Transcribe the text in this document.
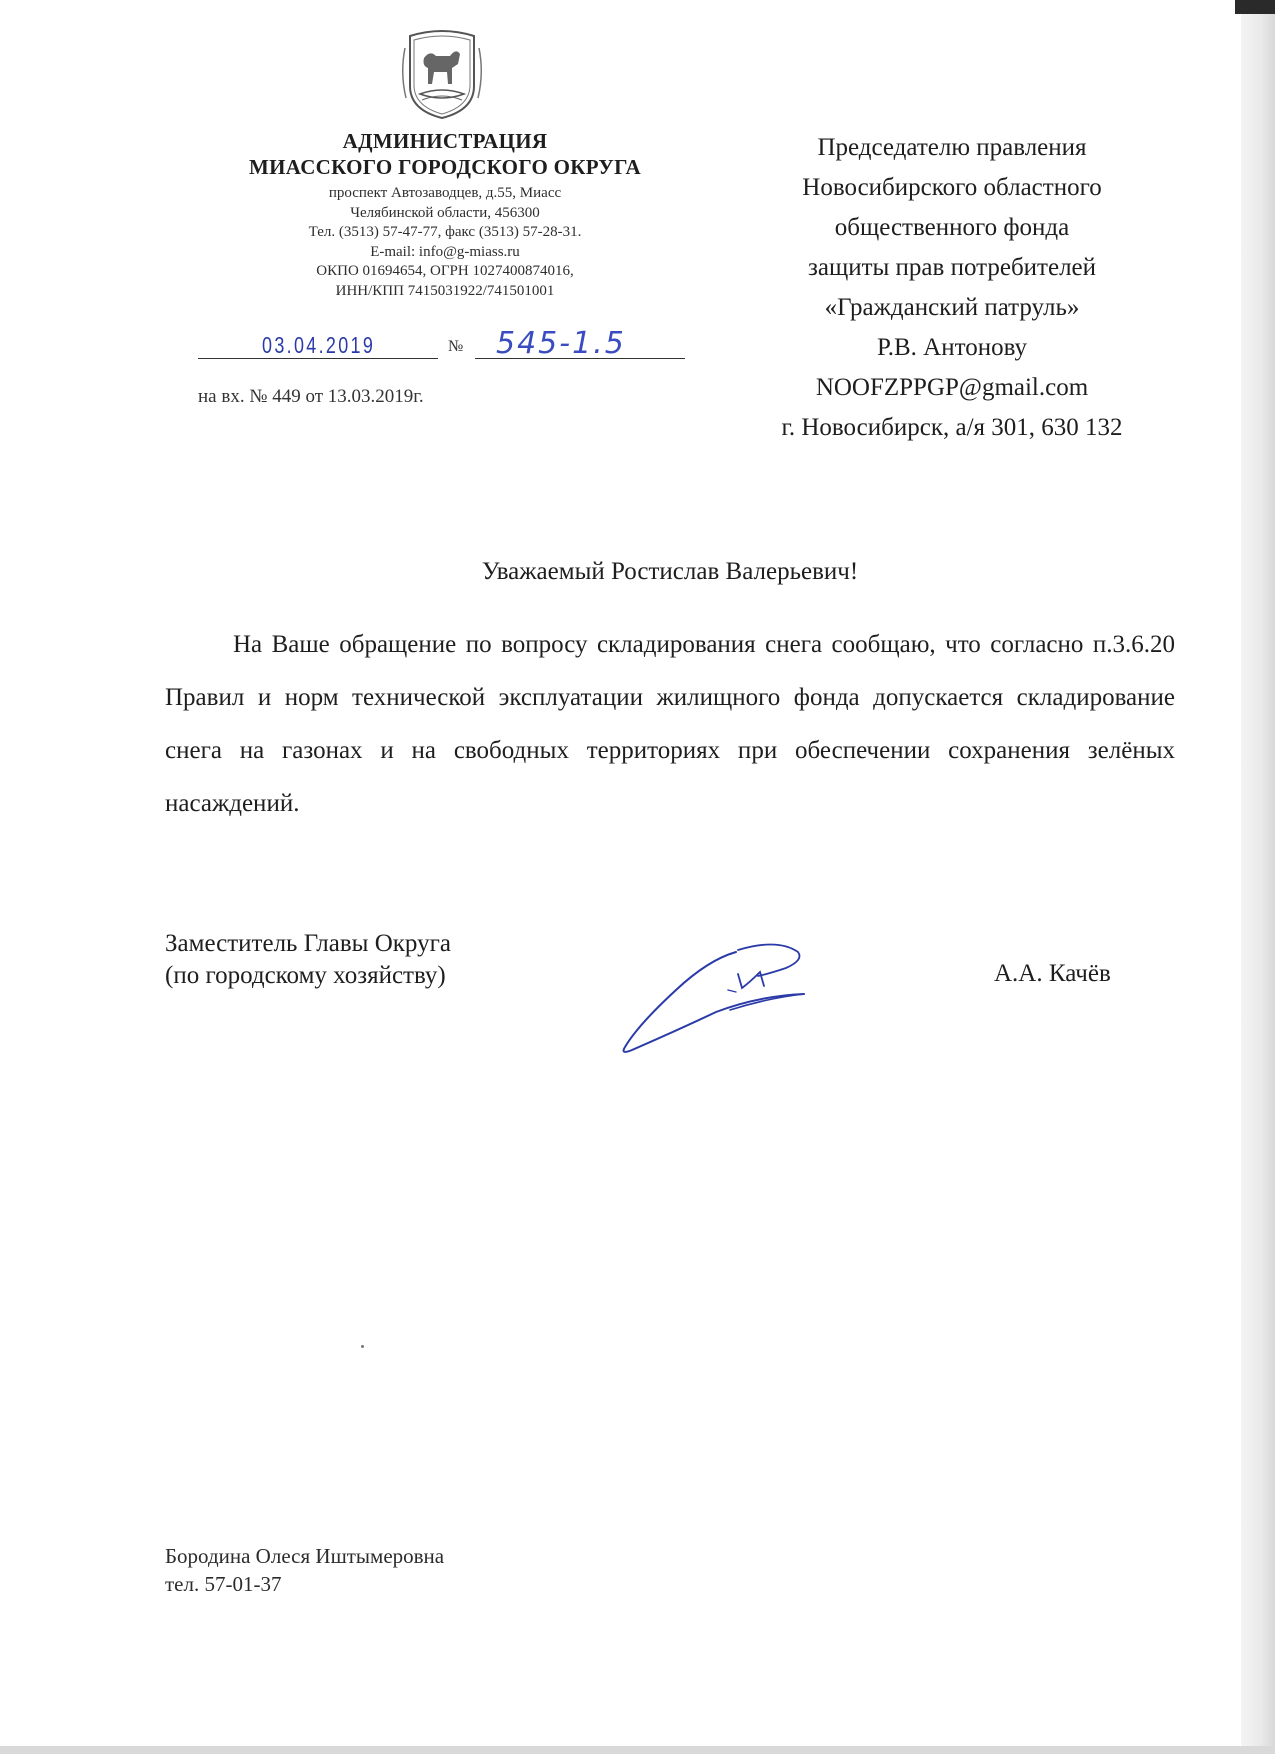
АДМИНИСТРАЦИЯ
МИАССКОГО ГОРОДСКОГО ОКРУГА
проспект Автозаводцев, д.55, Миасс
Челябинской области, 456300
Тел. (3513) 57-47-77, факс (3513) 57-28-31.
E-mail: info@g-miass.ru
ОКПО 01694654, ОГРН 1027400874016,
ИНН/КПП 7415031922/741501001
03.04.2019	№ 545-1.5
на вх. № 449 от 13.03.2019г.
Председателю правления
Новосибирского областного
общественного фонда
защиты прав потребителей
«Гражданский патруль»
Р.В. Антонову
NOOFZPPGP@gmail.com
г. Новосибирск, а/я 301, 630 132
Уважаемый Ростислав Валерьевич!

На Ваше обращение по вопросу складирования снега сообщаю, что согласно п.3.6.20 Правил и норм технической эксплуатации жилищного фонда допускается складирование снега на газонах и на свободных территориях при обеспечении сохранения зелёных насаждений.

Заместитель Главы Округа
(по городскому хозяйству)	А.А. Качёв
Бородина Олеся Иштымеровна
тел. 57-01-37
